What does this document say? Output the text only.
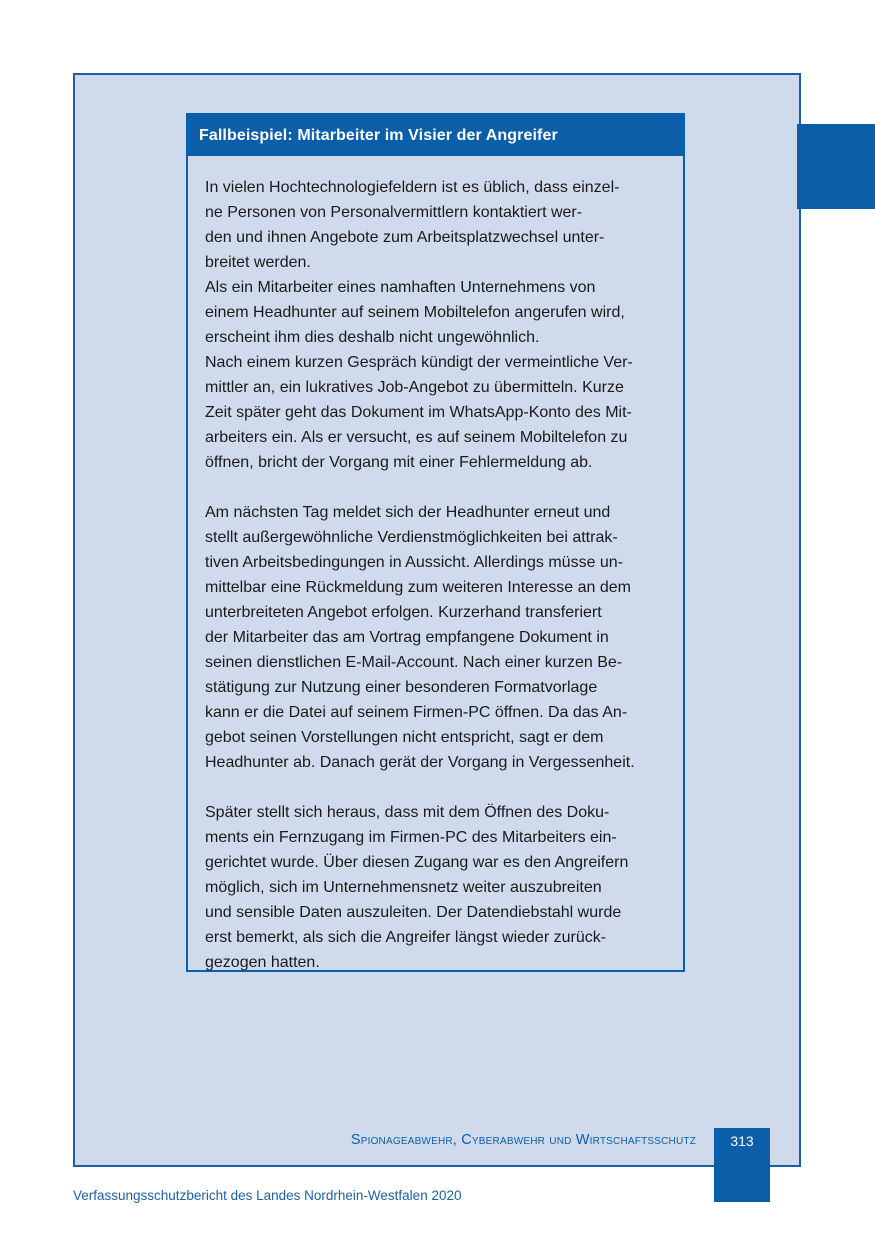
Fallbeispiel: Mitarbeiter im Visier der Angreifer

In vielen Hochtechnologiefeldern ist es üblich, dass einzel-
ne Personen von Personalvermittlern kontaktiert wer-
den und ihnen Angebote zum Arbeitsplatzwechsel unter-
breitet werden.
Als ein Mitarbeiter eines namhaften Unternehmens von
einem Headhunter auf seinem Mobiltelefon angerufen wird,
erscheint ihm dies deshalb nicht ungewöhnlich.
Nach einem kurzen Gespräch kündigt der vermeintliche Ver-
mittler an, ein lukratives Job-Angebot zu übermitteln. Kurze
Zeit später geht das Dokument im WhatsApp-Konto des Mit-
arbeiters ein. Als er versucht, es auf seinem Mobiltelefon zu
öffnen, bricht der Vorgang mit einer Fehlermeldung ab.

Am nächsten Tag meldet sich der Headhunter erneut und
stellt außergewöhnliche Verdienstmöglichkeiten bei attrak-
tiven Arbeitsbedingungen in Aussicht. Allerdings müsse un-
mittelbar eine Rückmeldung zum weiteren Interesse an dem
unterbreiteten Angebot erfolgen. Kurzerhand transferiert
der Mitarbeiter das am Vortrag empfangene Dokument in
seinen dienstlichen E-Mail-Account. Nach einer kurzen Be-
stätigung zur Nutzung einer besonderen Formatvorlage
kann er die Datei auf seinem Firmen-PC öffnen. Da das An-
gebot seinen Vorstellungen nicht entspricht, sagt er dem
Headhunter ab. Danach gerät der Vorgang in Vergessenheit.

Später stellt sich heraus, dass mit dem Öffnen des Doku-
ments ein Fernzugang im Firmen-PC des Mitarbeiters ein-
gerichtet wurde. Über diesen Zugang war es den Angreifern
möglich, sich im Unternehmensnetz weiter auszubreiten
und sensible Daten auszuleiten. Der Datendiebstahl wurde
erst bemerkt, als sich die Angreifer längst wieder zurück-
gezogen hatten.

Spionageabwehr, Cyberabwehr und Wirtschaftsschutz	313
Verfassungsschutzbericht des Landes Nordrhein-Westfalen 2020
